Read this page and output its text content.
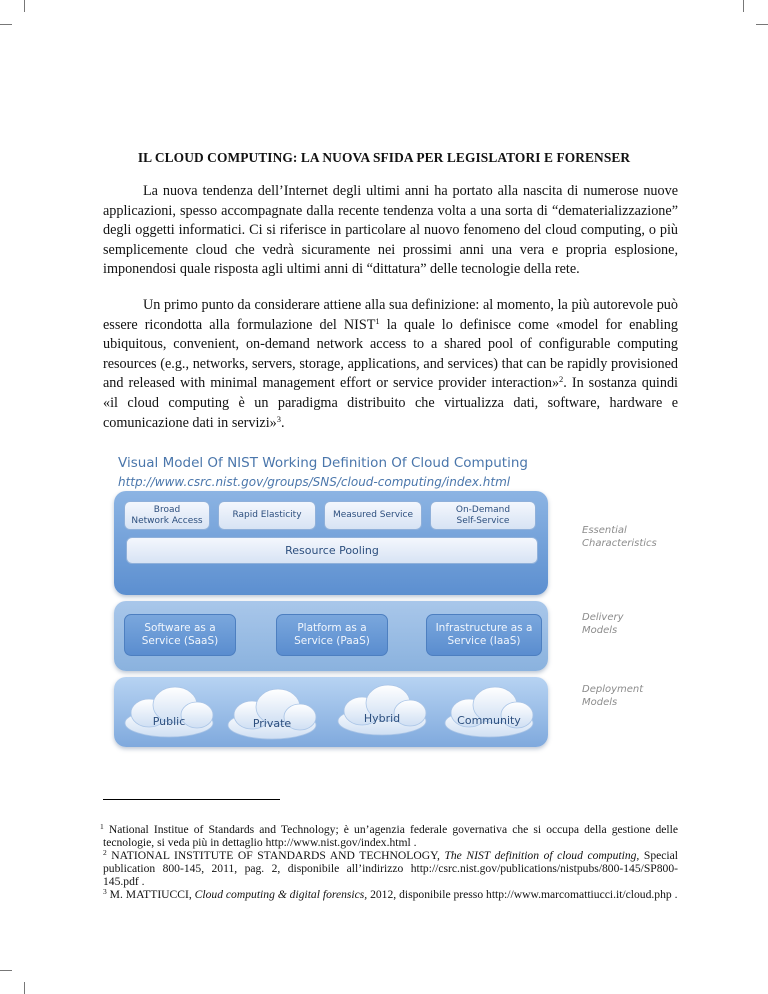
IL CLOUD COMPUTING: LA NUOVA SFIDA PER LEGISLATORI E FORENSER

La nuova tendenza dell’Internet degli ultimi anni ha portato alla nascita di numerose nuove applicazioni, spesso accompagnate dalla recente tendenza volta a una sorta di “dematerializzazione” degli oggetti informatici. Ci si riferisce in particolare al nuovo fenomeno del cloud computing, o più semplicemente cloud che vedrà sicuramente nei prossimi anni una vera e propria esplosione, imponendosi quale risposta agli ultimi anni di “dittatura” delle tecnologie della rete.

Un primo punto da considerare attiene alla sua definizione: al momento, la più autorevole può essere ricondotta alla formulazione del NIST$^1$ la quale lo definisce come «model for enabling ubiquitous, convenient, on-demand network access to a shared pool of configurable computing resources (e.g., networks, servers, storage, applications, and services) that can be rapidly provisioned and released with minimal management effort or service provider interaction»$^2$. In sostanza quindi «il cloud computing è un paradigma distribuito che virtualizza dati, software, hardware e comunicazione dati in servizi»$^3$.

Visual Model Of NIST Working Definition Of Cloud Computing
http://www.csrc.nist.gov/groups/SNS/cloud-computing/index.html
Broad
Network Access
Rapid Elasticity	Measured Service
On-Demand
Self-Service
Resource Pooling
Software as a
Service (SaaS)
Platform as a
Service (PaaS)
Infrastructure as a
Service (IaaS)
Public	Private	Hybrid	Community
Essential
Characteristics
Delivery
Models
Deployment
Models

$^1$ National Institue of Standards and Technology; è un’agenzia federale governativa che si occupa della gestione delle tecnologie, si veda più in dettaglio http://www.nist.gov/index.html .

$^2$ NATIONAL INSTITUTE OF STANDARDS AND TECHNOLOGY, The NIST definition of cloud computing, Special publication 800-145, 2011, pag. 2, disponibile all’indirizzo http://csrc.nist.gov/publications/nistpubs/800-145/SP800-145.pdf .

$^3$ M. MATTIUCCI, Cloud computing & digital forensics, 2012, disponibile presso http://www.marcomattiucci.it/cloud.php .
